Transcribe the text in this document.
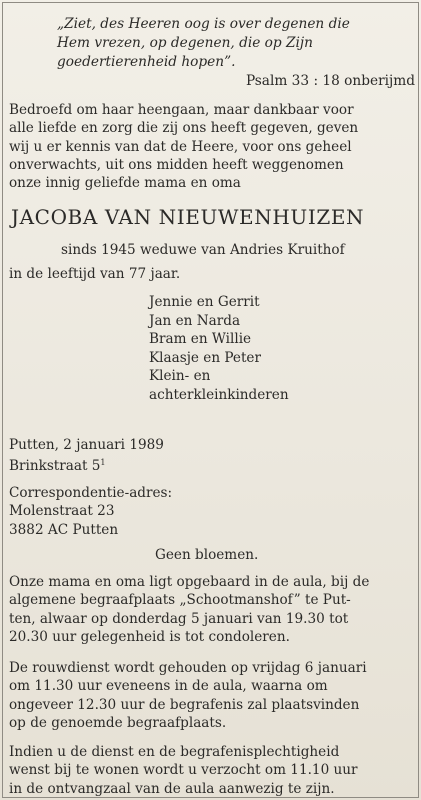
„Ziet, des Heeren oog is over degenen die
Hem vrezen, op degenen, die op Zijn
goedertierenheid hopen”.
Psalm 33 : 18 onberijmd
Bedroefd om haar heengaan, maar dankbaar voor
alle liefde en zorg die zij ons heeft gegeven, geven
wij u er kennis van dat de Heere, voor ons geheel
onverwachts, uit ons midden heeft weggenomen
onze innig geliefde mama en oma
JACOBA VAN NIEUWENHUIZEN
sinds 1945 weduwe van Andries Kruithof
in de leeftijd van 77 jaar.
Jennie en Gerrit
Jan en Narda
Bram en Willie
Klaasje en Peter
Klein- en
achterkleinkinderen
Putten, 2 januari 1989
Brinkstraat $5^1$
Correspondentie-adres:
Molenstraat 23
3882 AC Putten
Geen bloemen.
Onze mama en oma ligt opgebaard in de aula, bij de
algemene begraafplaats „Schootmanshof” te Put-
ten, alwaar op donderdag 5 januari van 19.30 tot
20.30 uur gelegenheid is tot condoleren.
De rouwdienst wordt gehouden op vrijdag 6 januari
om 11.30 uur eveneens in de aula, waarna om
ongeveer 12.30 uur de begrafenis zal plaatsvinden
op de genoemde begraafplaats.
Indien u de dienst en de begrafenisplechtigheid
wenst bij te wonen wordt u verzocht om 11.10 uur
in de ontvangzaal van de aula aanwezig te zijn.
